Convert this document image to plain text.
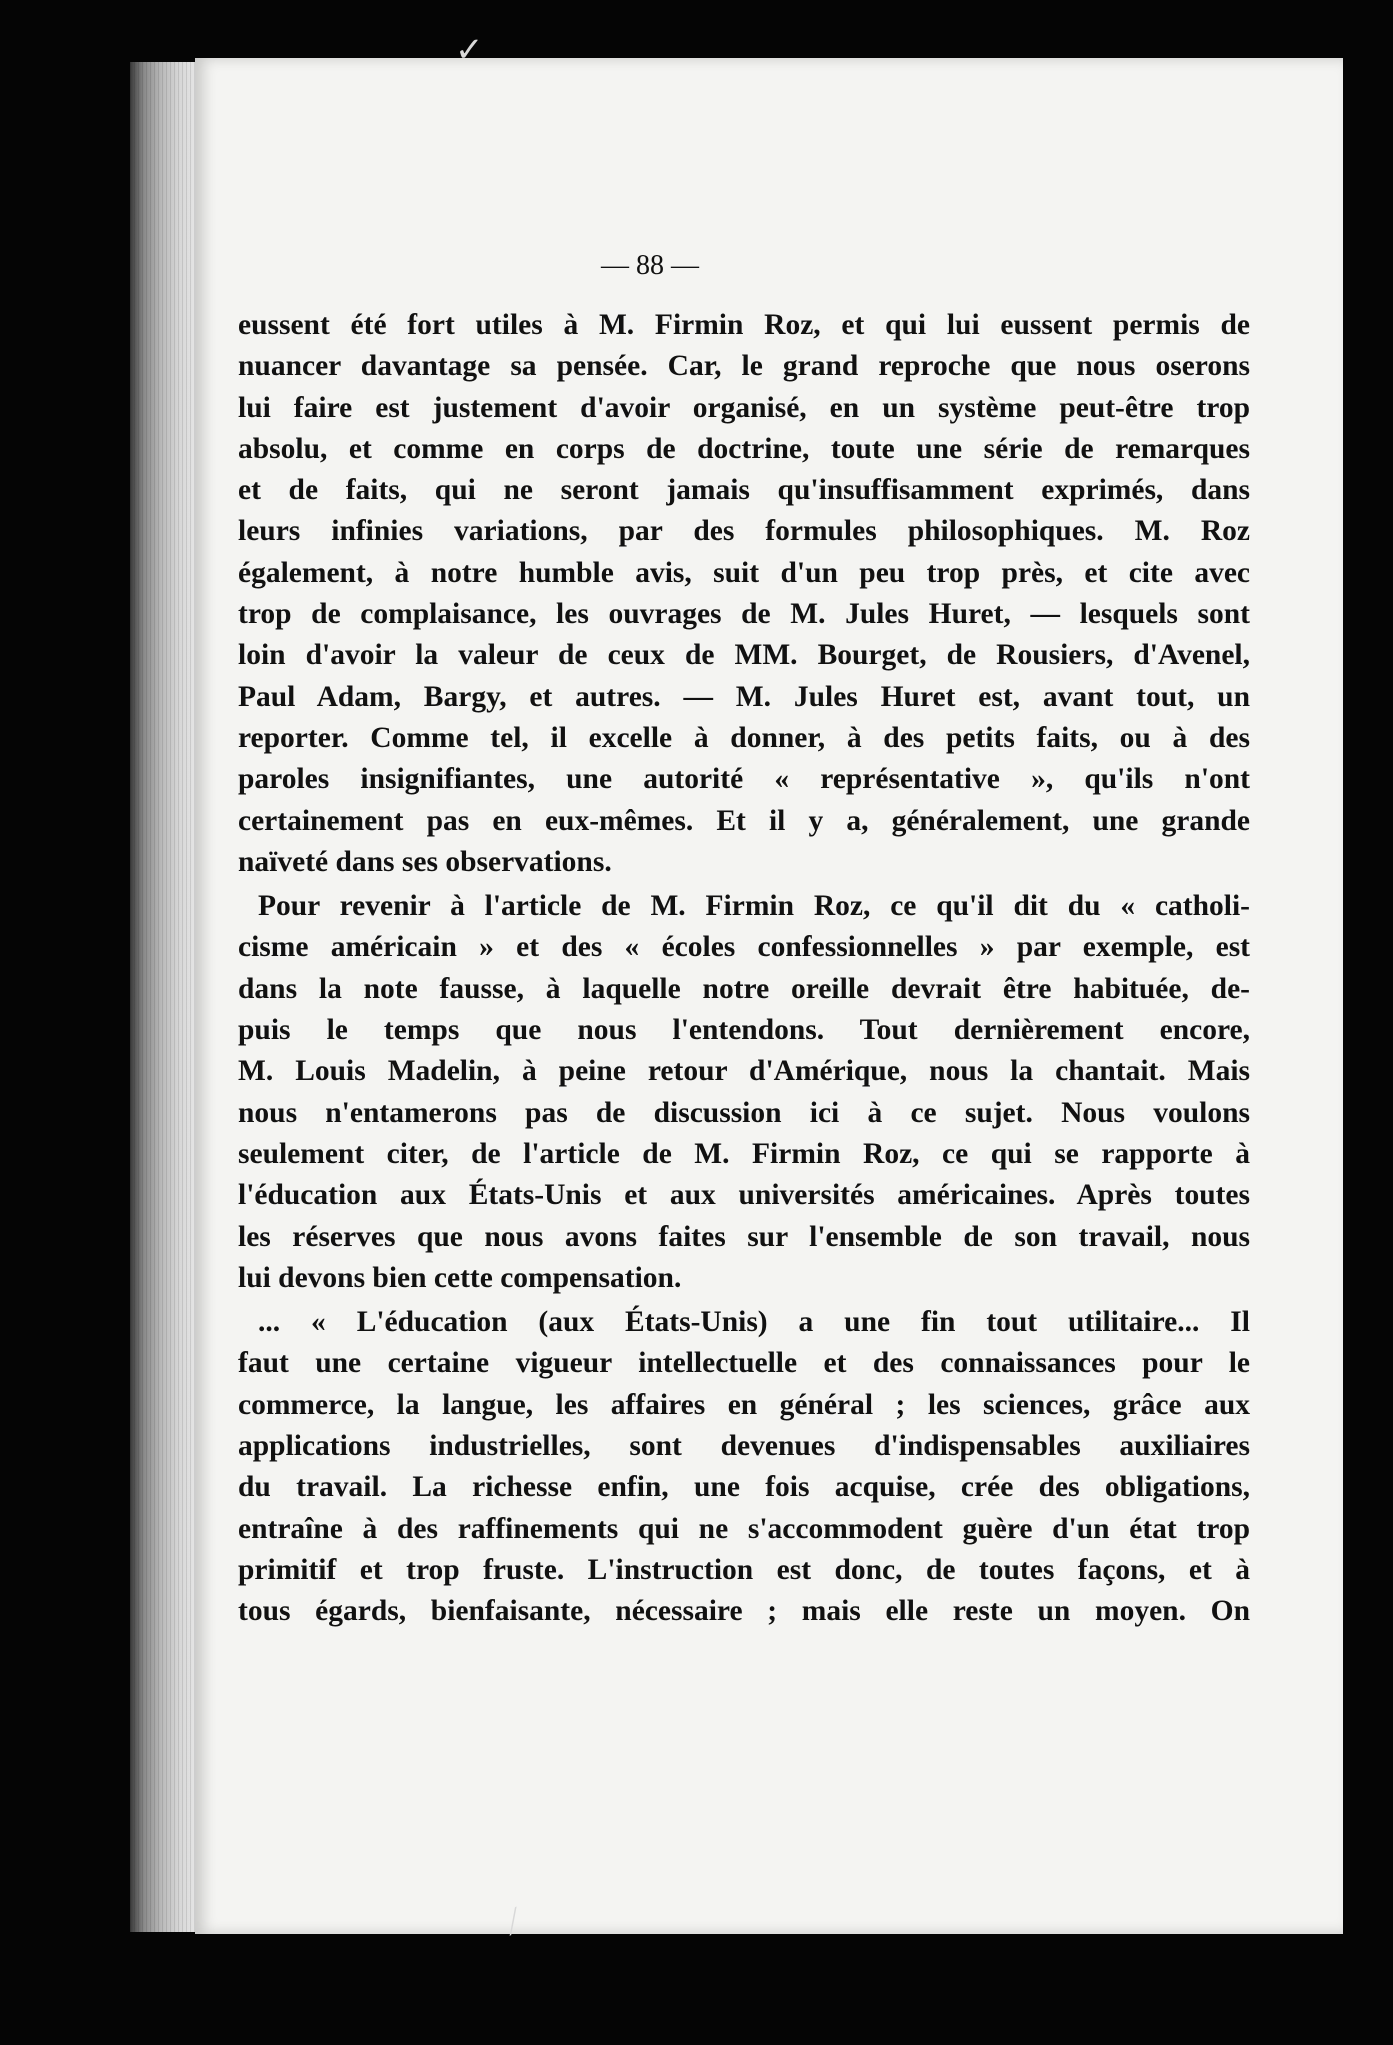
— 88 —
eussent été fort utiles à M. Firmin Roz, et qui lui eussent permis de
nuancer davantage sa pensée. Car, le grand reproche que nous oserons
lui faire est justement d'avoir organisé, en un système peut-être trop
absolu, et comme en corps de doctrine, toute une série de remarques
et de faits, qui ne seront jamais qu'insuffisamment exprimés, dans
leurs infinies variations, par des formules philosophiques. M. Roz
également, à notre humble avis, suit d'un peu trop près, et cite avec
trop de complaisance, les ouvrages de M. Jules Huret, — lesquels sont
loin d'avoir la valeur de ceux de MM. Bourget, de Rousiers, d'Avenel,
Paul Adam, Bargy, et autres. — M. Jules Huret est, avant tout, un
reporter. Comme tel, il excelle à donner, à des petits faits, ou à des
paroles insignifiantes, une autorité « représentative », qu'ils n'ont
certainement pas en eux-mêmes. Et il y a, généralement, une grande
naïveté dans ses observations.
Pour revenir à l'article de M. Firmin Roz, ce qu'il dit du « catholi-
cisme américain » et des « écoles confessionnelles » par exemple, est
dans la note fausse, à laquelle notre oreille devrait être habituée, de-
puis le temps que nous l'entendons. Tout dernièrement encore,
M. Louis Madelin, à peine retour d'Amérique, nous la chantait. Mais
nous n'entamerons pas de discussion ici à ce sujet. Nous voulons
seulement citer, de l'article de M. Firmin Roz, ce qui se rapporte à
l'éducation aux États-Unis et aux universités américaines. Après toutes
les réserves que nous avons faites sur l'ensemble de son travail, nous
lui devons bien cette compensation.
... « L'éducation (aux États-Unis) a une fin tout utilitaire... Il
faut une certaine vigueur intellectuelle et des connaissances pour le
commerce, la langue, les affaires en général ; les sciences, grâce aux
applications industrielles, sont devenues d'indispensables auxiliaires
du travail. La richesse enfin, une fois acquise, crée des obligations,
entraîne à des raffinements qui ne s'accommodent guère d'un état trop
primitif et trop fruste. L'instruction est donc, de toutes façons, et à
tous égards, bienfaisante, nécessaire ; mais elle reste un moyen. On
✓
⁄
